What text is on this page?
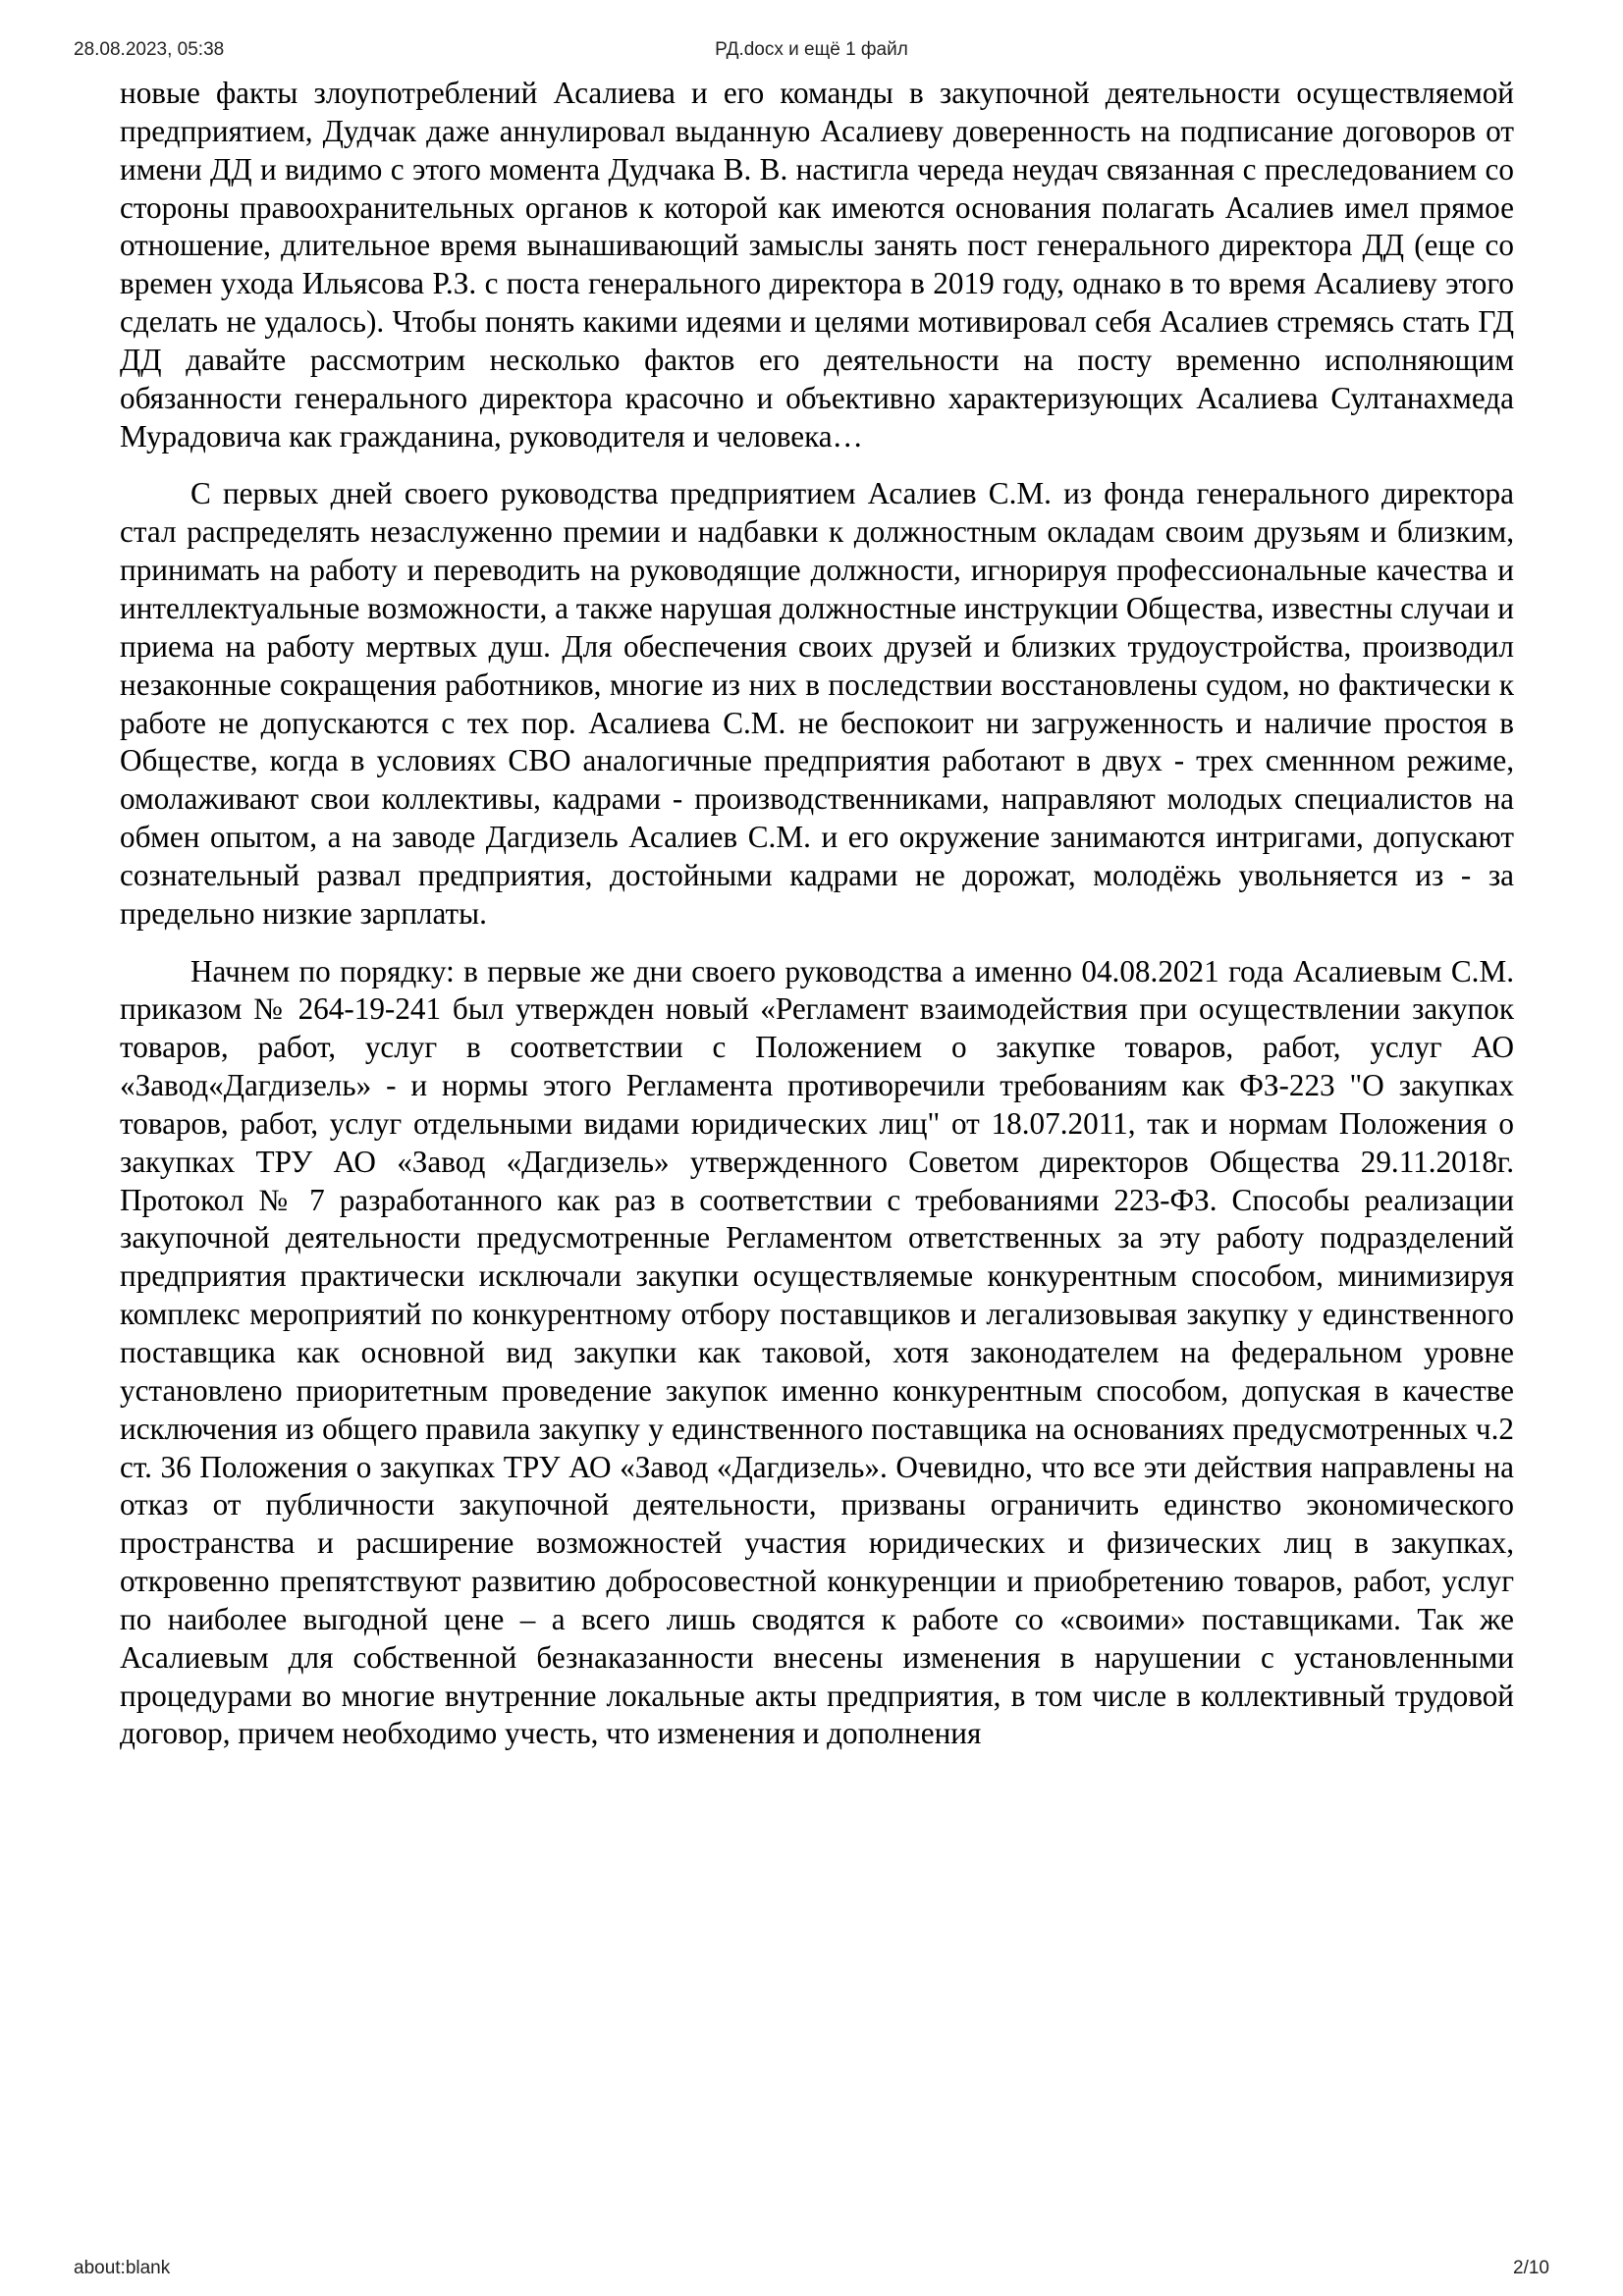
28.08.2023, 05:38	РД.docx и ещё 1 файл

новые факты злоупотреблений Асалиева и его команды в закупочной деятельности осуществляемой предприятием, Дудчак даже аннулировал выданную Асалиеву доверенность на подписание договоров от имени ДД и видимо с этого момента Дудчака В. В. настигла череда неудач связанная с преследованием со стороны правоохранительных органов к которой как имеются основания полагать Асалиев имел прямое отношение, длительное время вынашивающий замыслы занять пост генерального директора ДД (еще со времен ухода Ильясова Р.З. с поста генерального директора в 2019 году, однако в то время Асалиеву этого сделать не удалось). Чтобы понять какими идеями и целями мотивировал себя Асалиев стремясь стать ГД ДД давайте рассмотрим несколько фактов его деятельности на посту временно исполняющим обязанности генерального директора красочно и объективно характеризующих Асалиева Султанахмеда Мурадовича как гражданина, руководителя и человека…

С первых дней своего руководства предприятием Асалиев С.М. из фонда генерального директора стал распределять незаслуженно премии и надбавки к должностным окладам своим друзьям и близким, принимать на работу и переводить на руководящие должности, игнорируя профессиональные качества и интеллектуальные возможности, а также нарушая должностные инструкции Общества, известны случаи и приема на работу мертвых душ. Для обеспечения своих друзей и близких трудоустройства, производил незаконные сокращения работников, многие из них в последствии восстановлены судом, но фактически к работе не допускаются с тех пор. Асалиева С.М. не беспокоит ни загруженность и наличие простоя в Обществе, когда в условиях СВО аналогичные предприятия работают в двух - трех сменнном режиме, омолаживают свои коллективы, кадрами - производственниками, направляют молодых специалистов на обмен опытом, а на заводе Дагдизель Асалиев С.М. и его окружение занимаются интригами, допускают сознательный развал предприятия, достойными кадрами не дорожат, молодёжь увольняется из - за предельно низкие зарплаты.

Начнем по порядку: в первые же дни своего руководства а именно 04.08.2021 года Асалиевым С.М. приказом № 264-19-241 был утвержден новый «Регламент взаимодействия при осуществлении закупок товаров, работ, услуг в соответствии с Положением о закупке товаров, работ, услуг АО «Завод«Дагдизель» - и нормы этого Регламента противоречили требованиям как ФЗ-223 "О закупках товаров, работ, услуг отдельными видами юридических лиц" от 18.07.2011, так и нормам Положения о закупках ТРУ АО «Завод «Дагдизель» утвержденного Советом директоров Общества 29.11.2018г. Протокол № 7 разработанного как раз в соответствии с требованиями 223-ФЗ. Способы реализации закупочной деятельности предусмотренные Регламентом ответственных за эту работу подразделений предприятия практически исключали закупки осуществляемые конкурентным способом, минимизируя комплекс мероприятий по конкурентному отбору поставщиков и легализовывая закупку у единственного поставщика как основной вид закупки как таковой, хотя законодателем на федеральном уровне установлено приоритетным проведение закупок именно конкурентным способом, допуская в качестве исключения из общего правила закупку у единственного поставщика на основаниях предусмотренных ч.2 ст. 36 Положения о закупках ТРУ АО «Завод «Дагдизель». Очевидно, что все эти действия направлены на отказ от публичности закупочной деятельности, призваны ограничить единство экономического пространства и расширение возможностей участия юридических и физических лиц в закупках, откровенно препятствуют развитию добросовестной конкуренции и приобретению товаров, работ, услуг по наиболее выгодной цене – а всего лишь сводятся к работе со «своими» поставщиками. Так же Асалиевым для собственной безнаказанности внесены изменения в нарушении с установленными процедурами во многие внутренние локальные акты предприятия, в том числе в коллективный трудовой договор, причем необходимо учесть, что изменения и дополнения

about:blank	2/10
